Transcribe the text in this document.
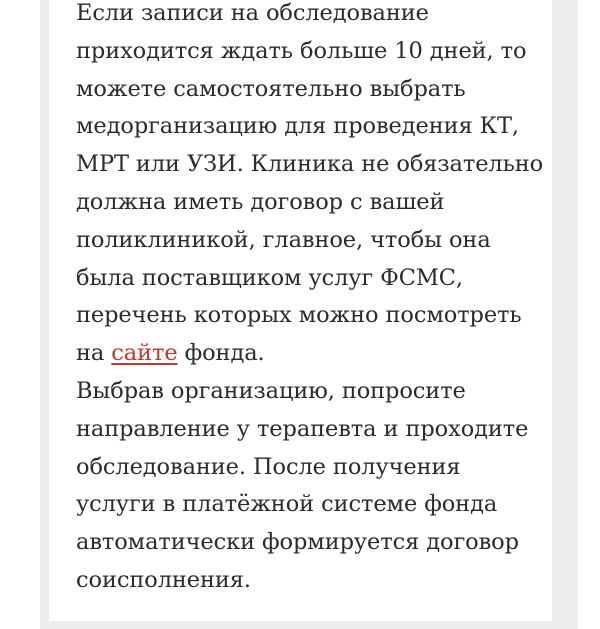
Если записи на обследование приходится ждать больше 10 дней, то можете самостоятельно выбрать медорганизацию для проведения КТ, МРТ или УЗИ. Клиника не обязательно должна иметь договор с вашей поликлиникой, главное, чтобы она была поставщиком услуг ФСМС, перечень которых можно посмотреть на сайте фонда.

Выбрав организацию, попросите направление у терапевта и проходите обследование. После получения услуги в платёжной системе фонда автоматически формируется договор соисполнения.
